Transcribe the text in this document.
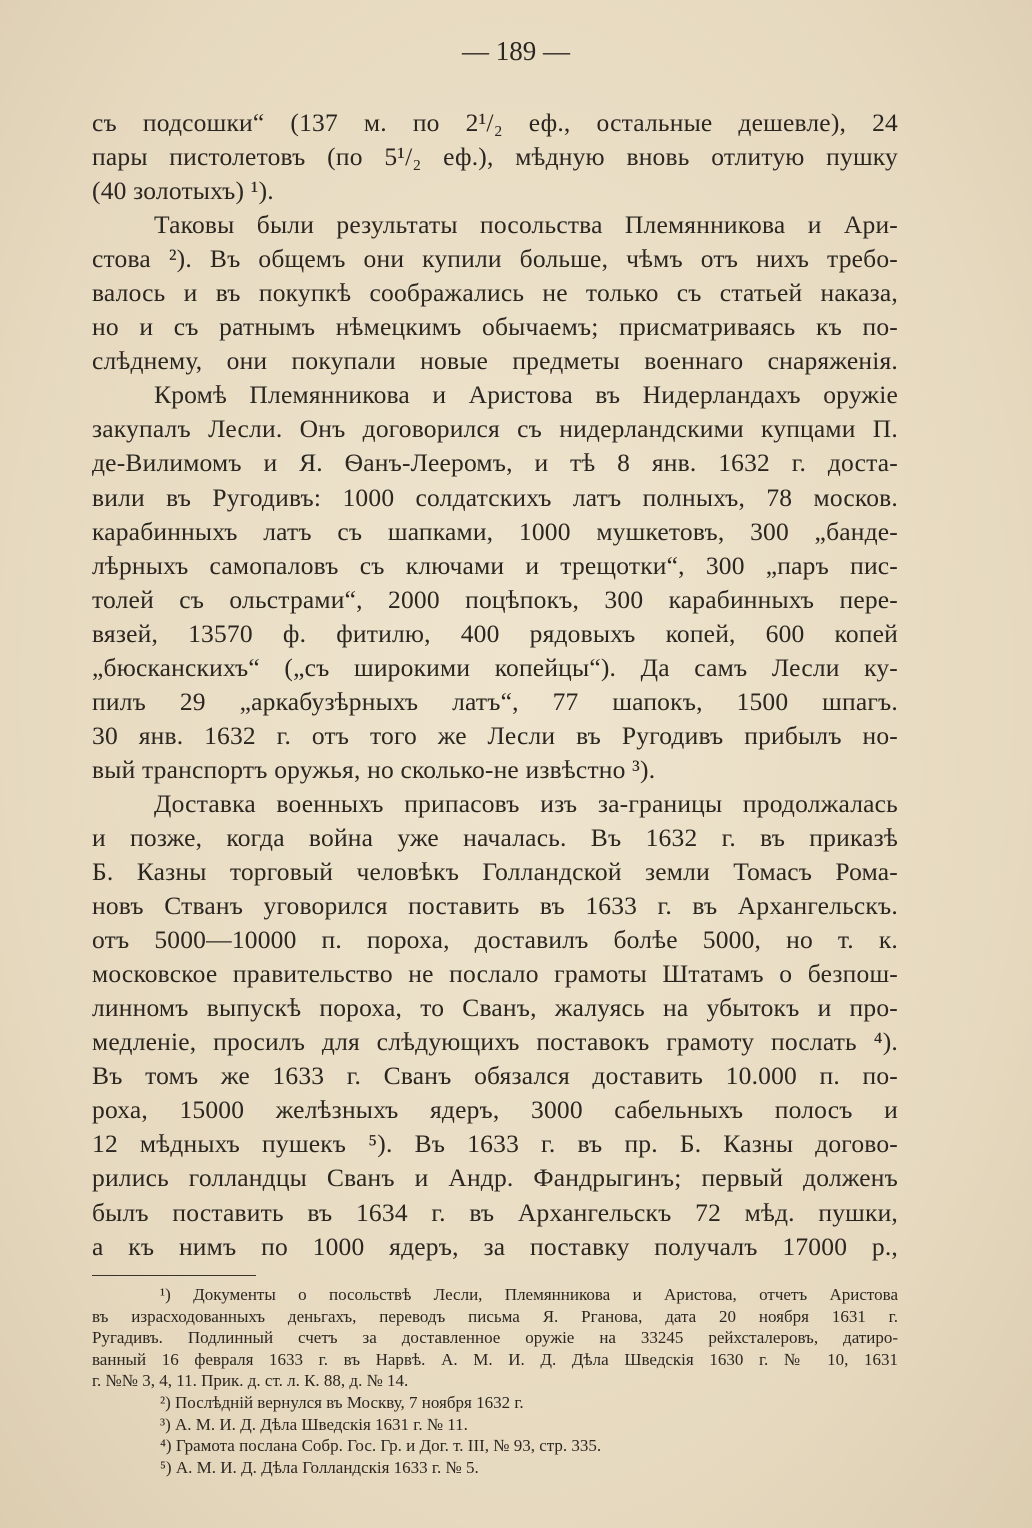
— 189 —
съ подсошки“ (137 м. по 2¹/₂ еф., остальные дешевле), 24
пары пистолетовъ (по 5¹/₂ еф.), мѣдную вновь отлитую пушку
(40 золотыхъ) ¹).
Таковы были результаты посольства Племянникова и Ари-
стова ²). Въ общемъ они купили больше, чѣмъ отъ нихъ требо-
валось и въ покупкѣ соображались не только съ статьей наказа,
но и съ ратнымъ нѣмецкимъ обычаемъ; присматриваясь къ по-
слѣднему, они покупали новые предметы военнаго снаряженія.
Кромѣ Племянникова и Аристова въ Нидерландахъ оружіе
закупалъ Лесли. Онъ договорился съ нидерландскими купцами П.
де-Вилимомъ и Я. Ѳанъ-Лееромъ, и тѣ 8 янв. 1632 г. доста-
вили въ Ругодивъ: 1000 солдатскихъ латъ полныхъ, 78 москов.
карабинныхъ латъ съ шапками, 1000 мушкетовъ, 300 „банде-
лѣрныхъ самопаловъ съ ключами и трещотки“, 300 „паръ пис-
толей съ ольстрами“, 2000 поцѣпокъ, 300 карабинныхъ пере-
вязей, 13570 ф. фитилю, 400 рядовыхъ копей, 600 копей
„бюсканскихъ“ („съ широкими копейцы“). Да самъ Лесли ку-
пилъ 29 „аркабузѣрныхъ латъ“, 77 шапокъ, 1500 шпагъ.
30 янв. 1632 г. отъ того же Лесли въ Ругодивъ прибылъ но-
вый транспортъ оружья, но сколько-не извѣстно ³).
Доставка военныхъ припасовъ изъ за-границы продолжалась
и позже, когда война уже началась. Въ 1632 г. въ приказѣ
Б. Казны торговый человѣкъ Голландской земли Томасъ Рома-
новъ Стванъ уговорился поставить въ 1633 г. въ Архангельскъ.
отъ 5000—10000 п. пороха, доставилъ болѣе 5000, но т. к.
московское правительство не послало грамоты Штатамъ о безпош-
линномъ выпускѣ пороха, то Сванъ, жалуясь на убытокъ и про-
медленіе, просилъ для слѣдующихъ поставокъ грамоту послать ⁴).
Въ томъ же 1633 г. Сванъ обязался доставить 10.000 п. по-
роха, 15000 желѣзныхъ ядеръ, 3000 сабельныхъ полосъ и
12 мѣдныхъ пушекъ ⁵). Въ 1633 г. въ пр. Б. Казны догово-
рились голландцы Сванъ и Андр. Фандрыгинъ; первый долженъ
былъ поставить въ 1634 г. въ Архангельскъ 72 мѣд. пушки,
а къ нимъ по 1000 ядеръ, за поставку получалъ 17000 р.,
¹) Документы о посольствѣ Лесли, Племянникова и Аристова, отчетъ Аристова
въ израсходованныхъ деньгахъ, переводъ письма Я. Рганова, дата 20 ноября 1631 г.
Ругадивъ. Подлинный счетъ за доставленное оружіе на 33245 рейхсталеровъ, датиро-
ванный 16 февраля 1633 г. въ Нарвѣ. А. М. И. Д. Дѣла Шведскія 1630 г. № 10, 1631
г. №№ 3, 4, 11. Прик. д. ст. л. К. 88, д. № 14.
²) Послѣднiй вернулся въ Москву, 7 ноября 1632 г.
³) А. М. И. Д. Дѣла Шведскія 1631 г. № 11.
⁴) Грамота послана Собр. Гос. Гр. и Дог. т. III, № 93, стр. 335.
⁵) А. М. И. Д. Дѣла Голландскія 1633 г. № 5.
